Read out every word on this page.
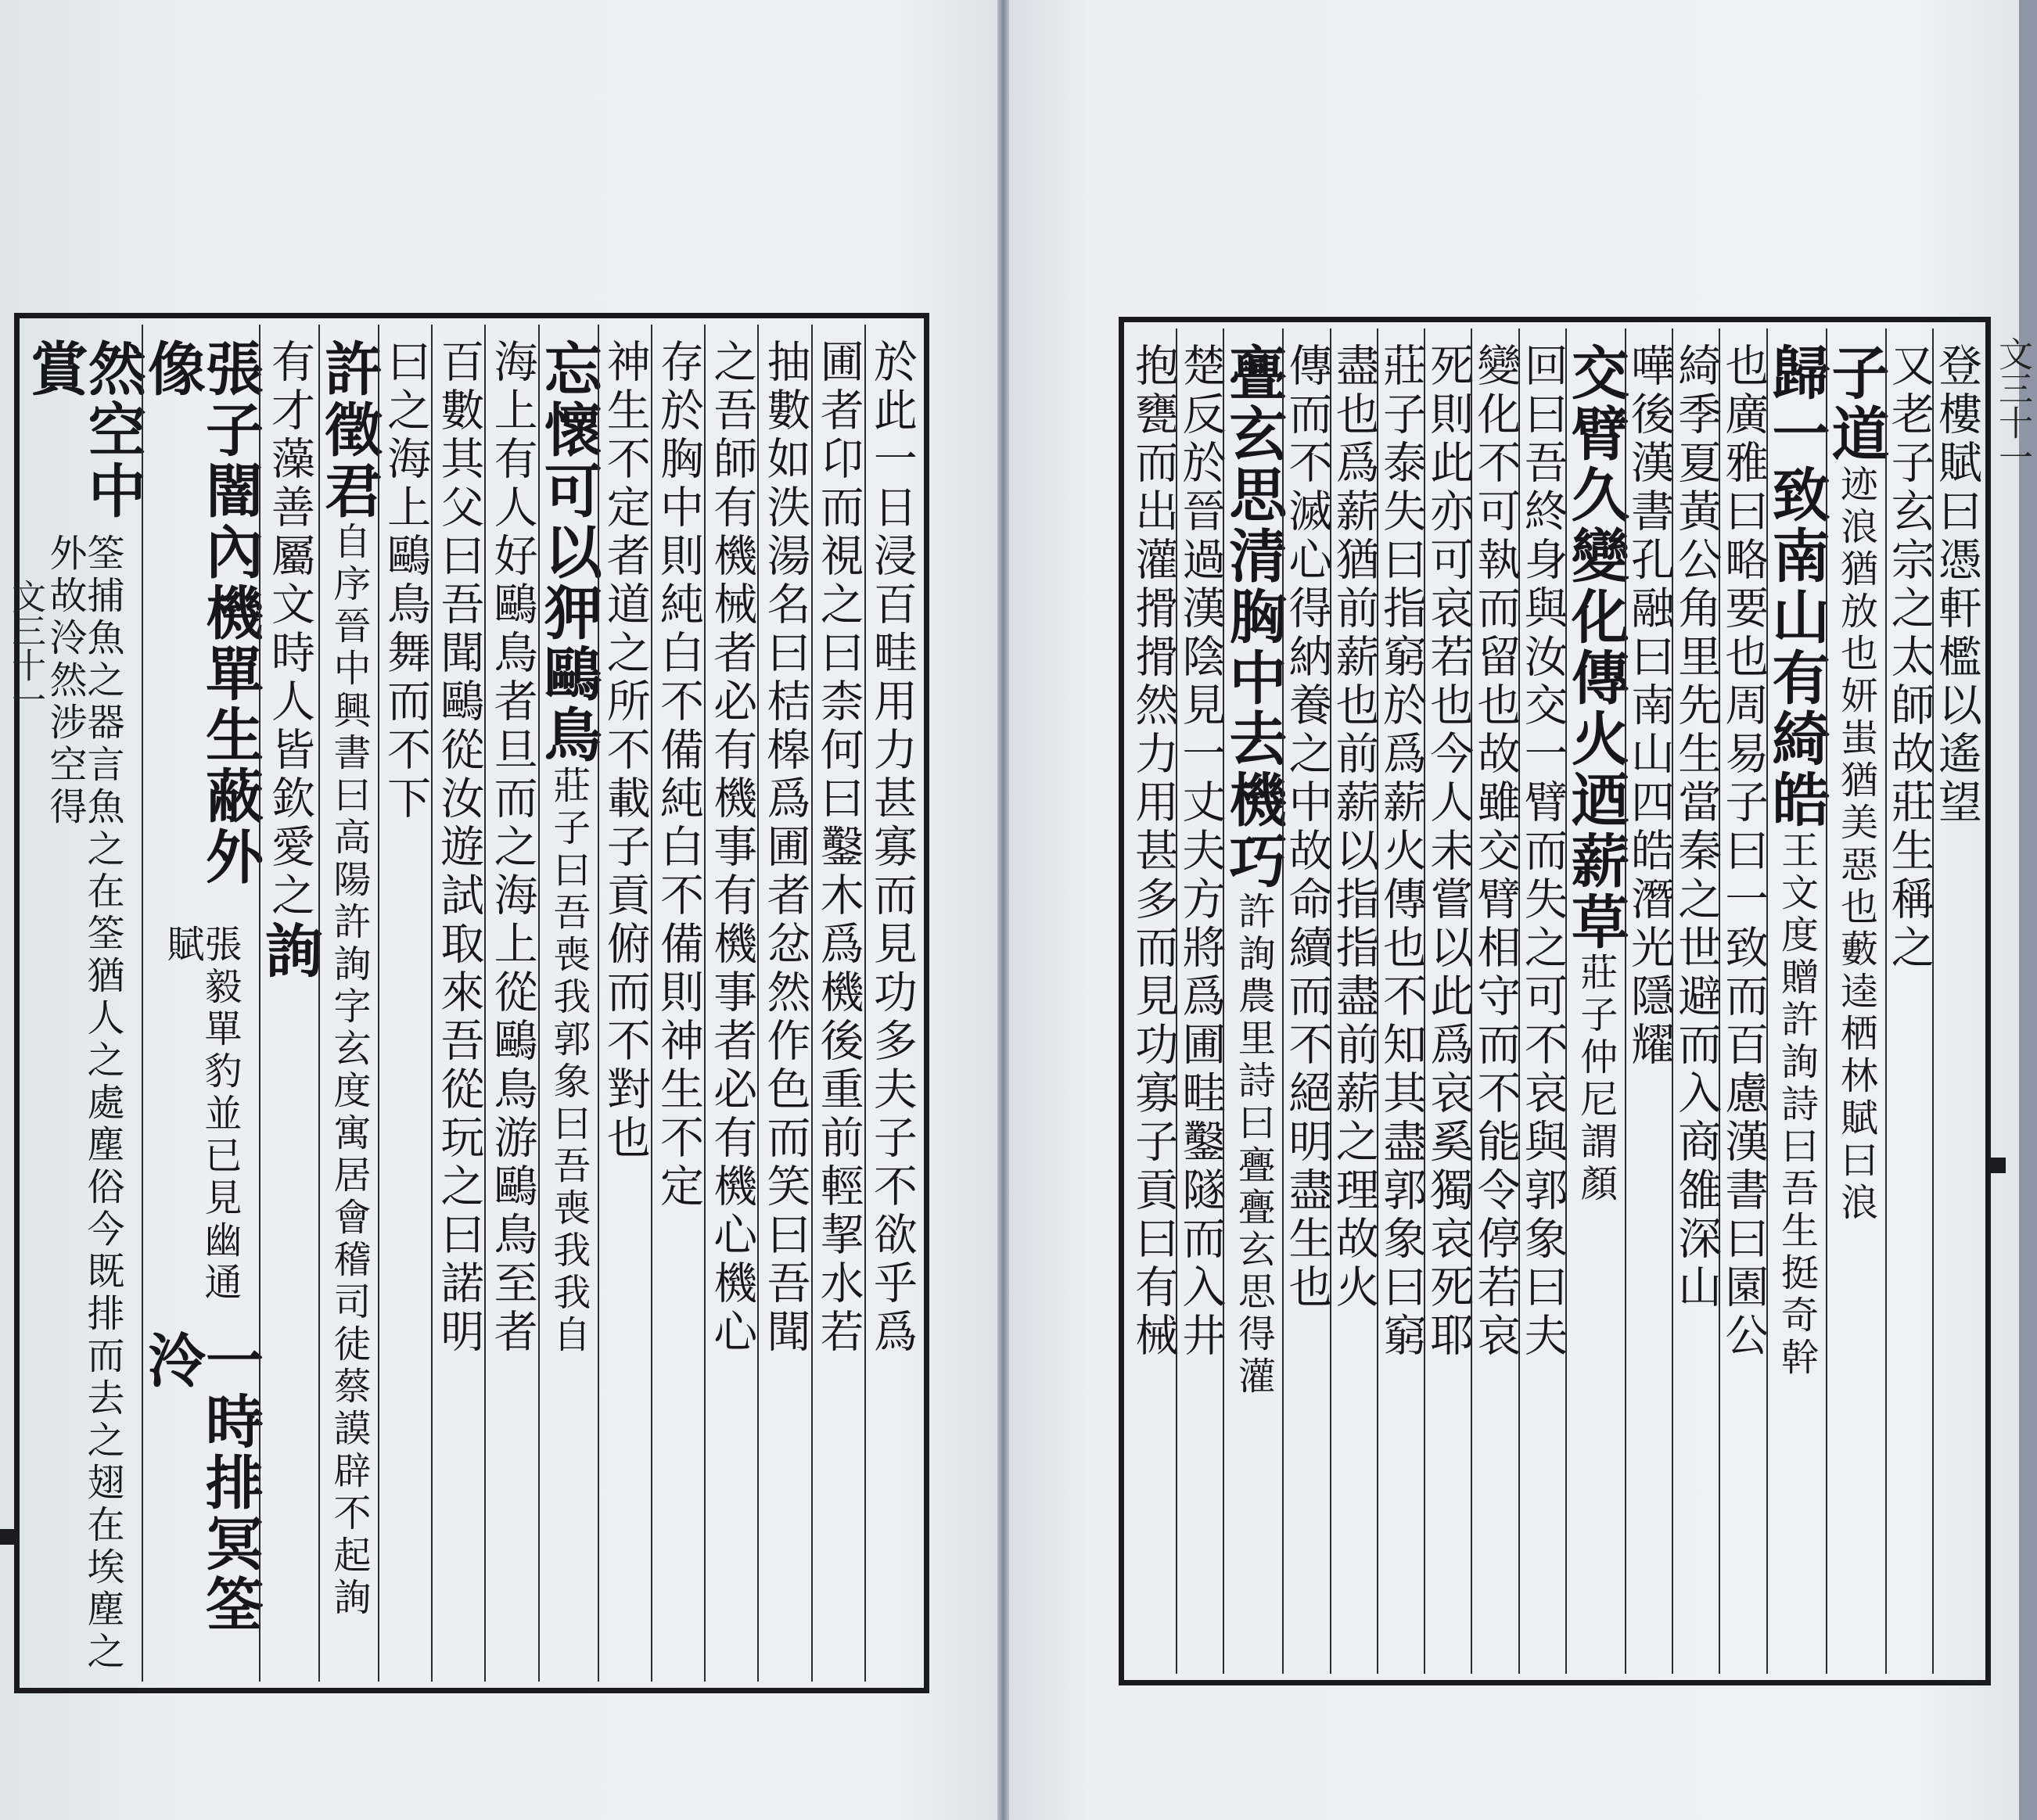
於此一日浸百畦用力甚寡而見功多夫子不欲乎爲
圃者卬而視之曰柰何曰鑿木爲機後重前輕挈水若
抽數如泆湯名曰桔槔爲圃者忿然作色而笑曰吾聞
之吾師有機械者必有機事有機事者必有機心機心
存於胸中則純白不備純白不備則神生不定
神生不定者道之所不載子貢俯而不對也
忘懷可以狎鷗鳥
莊子曰吾喪我郭象曰吾喪我我自
海上有人好鷗鳥者旦而之海上從鷗鳥游鷗鳥至者
百數其父曰吾聞鷗從汝遊試取來吾從玩之曰諾明
曰之海上鷗鳥舞而不下
許徵君
自序晉中興書曰高陽許詢字玄度寓居會稽司徒蔡謨辟不起詢
有才藻善屬文時人皆欽愛之
詢
張子闇內機單生蔽外像
張毅單豹並已見幽通賦
一時排冥筌泠
然空中賞
筌捕魚之器言魚之在筌猶人之處塵俗今既排而去之翅在埃塵之外故泠然涉空得
文三十一	登樓賦曰憑軒檻以遙望
又老子玄宗之太師故莊生稱之
子道
迹浪猶放也妍蚩猶美惡也藪逵栖林賦曰浪
歸一致南山有綺皓
王文度贈許詢詩曰吾生挺奇幹
也廣雅曰略要也周易子曰一致而百慮漢書曰園公
綺季夏黃公角里先生當秦之世避而入商雒深山
嘩後漢書孔融曰南山四皓潛光隱耀
交臂久變化傳火迺薪草
莊子仲尼謂顏
回曰吾終身與汝交一臂而失之可不哀與郭象曰夫
變化不可執而留也故雖交臂相守而不能令停若哀
死則此亦可哀若也今人未嘗以此爲哀奚獨哀死耶
莊子泰失曰指窮於爲薪火傳也不知其盡郭象曰窮
盡也爲薪猶前薪也前薪以指指盡前薪之理故火
傳而不滅心得納養之中故命續而不絕明盡生也
亹玄思清胸中去機巧
許詢農里詩曰亹亹玄思得灌
楚反於晉過漢陰見一丈夫方將爲圃畦鑿隧而入井
抱甕而出灌搰搰然力用甚多而見功寡子貢曰有械	文三十一
